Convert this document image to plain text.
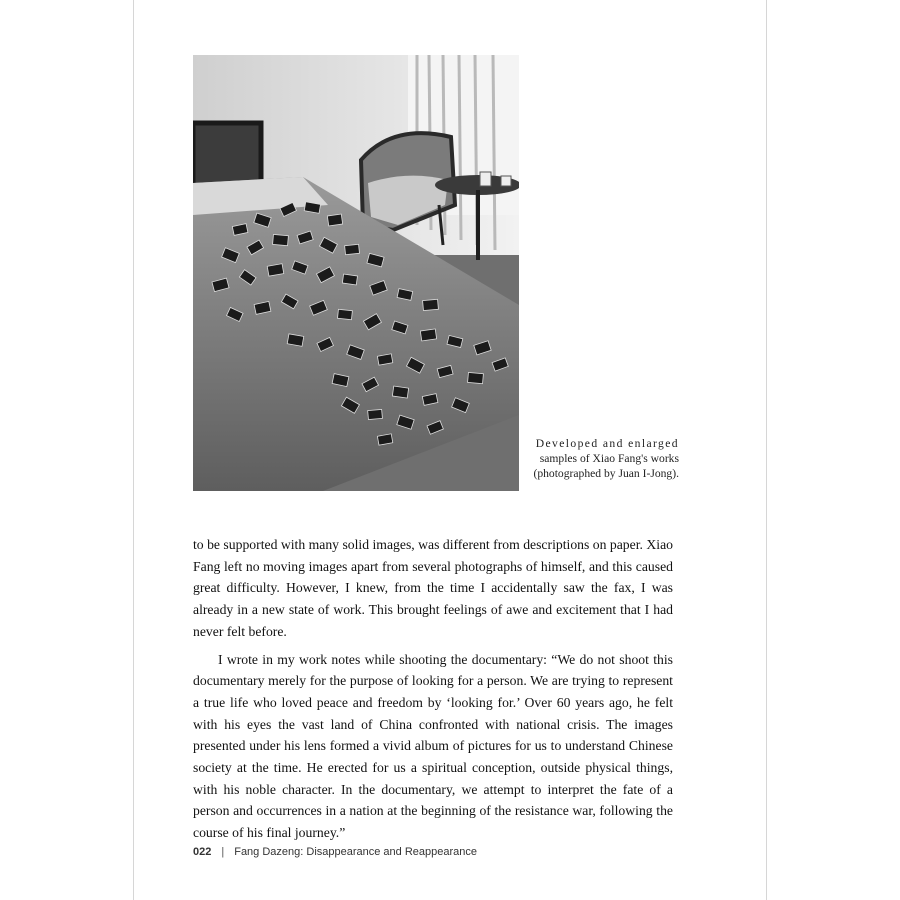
Developed and enlarged
samples of Xiao Fang's works
(photographed by Juan I-Jong).

to be supported with many solid images, was different from descriptions on paper. Xiao Fang left no moving images apart from several photographs of himself, and this caused great difficulty. However, I knew, from the time I accidentally saw the fax, I was already in a new state of work. This brought feelings of awe and excitement that I had never felt before.

I wrote in my work notes while shooting the documentary: “We do not shoot this documentary merely for the purpose of looking for a person. We are trying to represent a true life who loved peace and freedom by ‘looking for.’ Over 60 years ago, he felt with his eyes the vast land of China confronted with national crisis. The images presented under his lens formed a vivid album of pictures for us to understand Chinese society at the time. He erected for us a spiritual conception, outside physical things, with his noble character. In the documentary, we attempt to interpret the fate of a person and occurrences in a nation at the beginning of the resistance war, following the course of his final journey.”

022 | Fang Dazeng: Disappearance and Reappearance
